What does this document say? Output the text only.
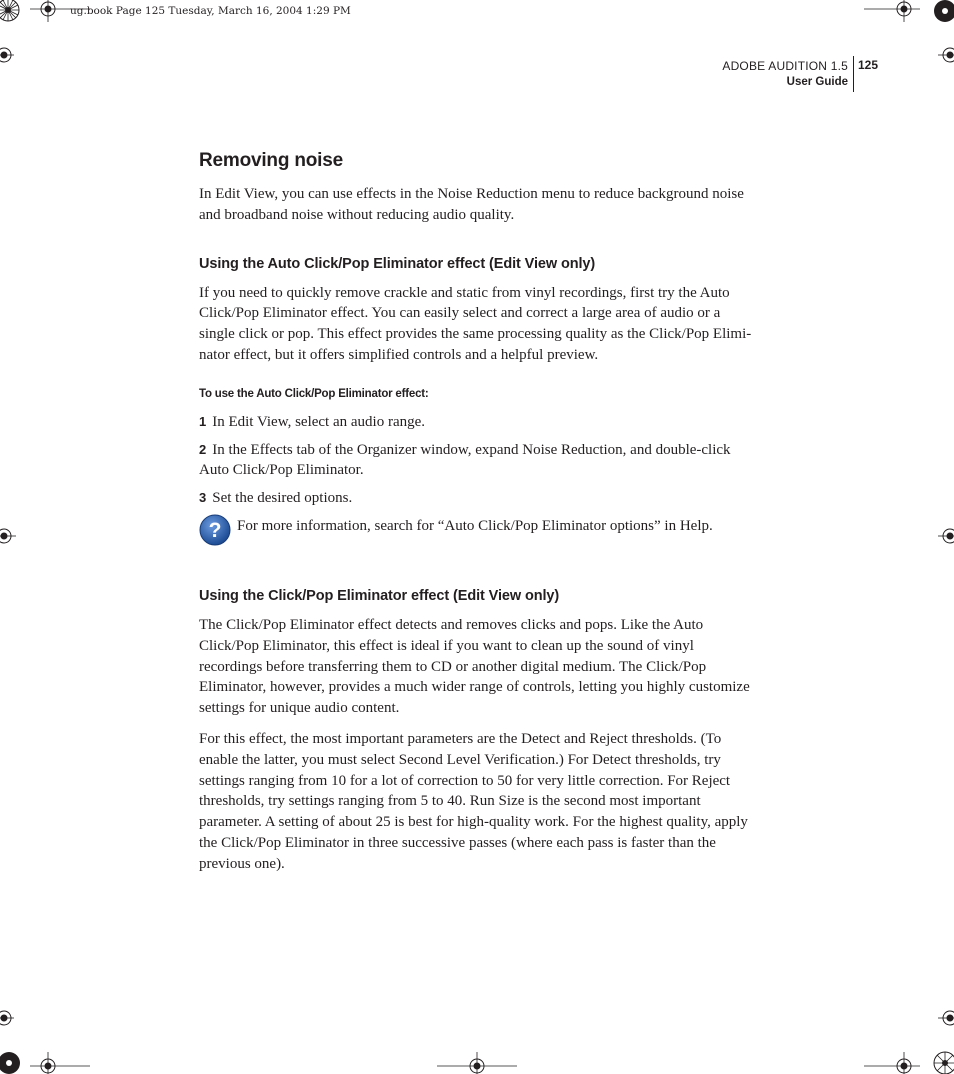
ug.book Page 125 Tuesday, March 16, 2004 1:29 PM
ADOBE AUDITION 1.5
User Guide
125
Removing noise

In Edit View, you can use effects in the Noise Reduction menu to reduce background noise and broadband noise without reducing audio quality.

Using the Auto Click/Pop Eliminator effect (Edit View only)

If you need to quickly remove crackle and static from vinyl recordings, first try the Auto Click/Pop Eliminator effect. You can easily select and correct a large area of audio or a single click or pop. This effect provides the same processing quality as the Click/Pop Elimi-nator effect, but it offers simplified controls and a helpful preview.

To use the Auto Click/Pop Eliminator effect:
1 In Edit View, select an audio range.
2 In the Effects tab of the Organizer window, expand Noise Reduction, and double-click Auto Click/Pop Eliminator.
3 Set the desired options.
? For more information, search for “Auto Click/Pop Eliminator options” in Help.

Using the Click/Pop Eliminator effect (Edit View only)

The Click/Pop Eliminator effect detects and removes clicks and pops. Like the Auto Click/Pop Eliminator, this effect is ideal if you want to clean up the sound of vinyl recordings before transferring them to CD or another digital medium. The Click/Pop Eliminator, however, provides a much wider range of controls, letting you highly customize settings for unique audio content.

For this effect, the most important parameters are the Detect and Reject thresholds. (To enable the latter, you must select Second Level Verification.) For Detect thresholds, try settings ranging from 10 for a lot of correction to 50 for very little correction. For Reject thresholds, try settings ranging from 5 to 40. Run Size is the second most important parameter. A setting of about 25 is best for high-quality work. For the highest quality, apply the Click/Pop Eliminator in three successive passes (where each pass is faster than the previous one).
